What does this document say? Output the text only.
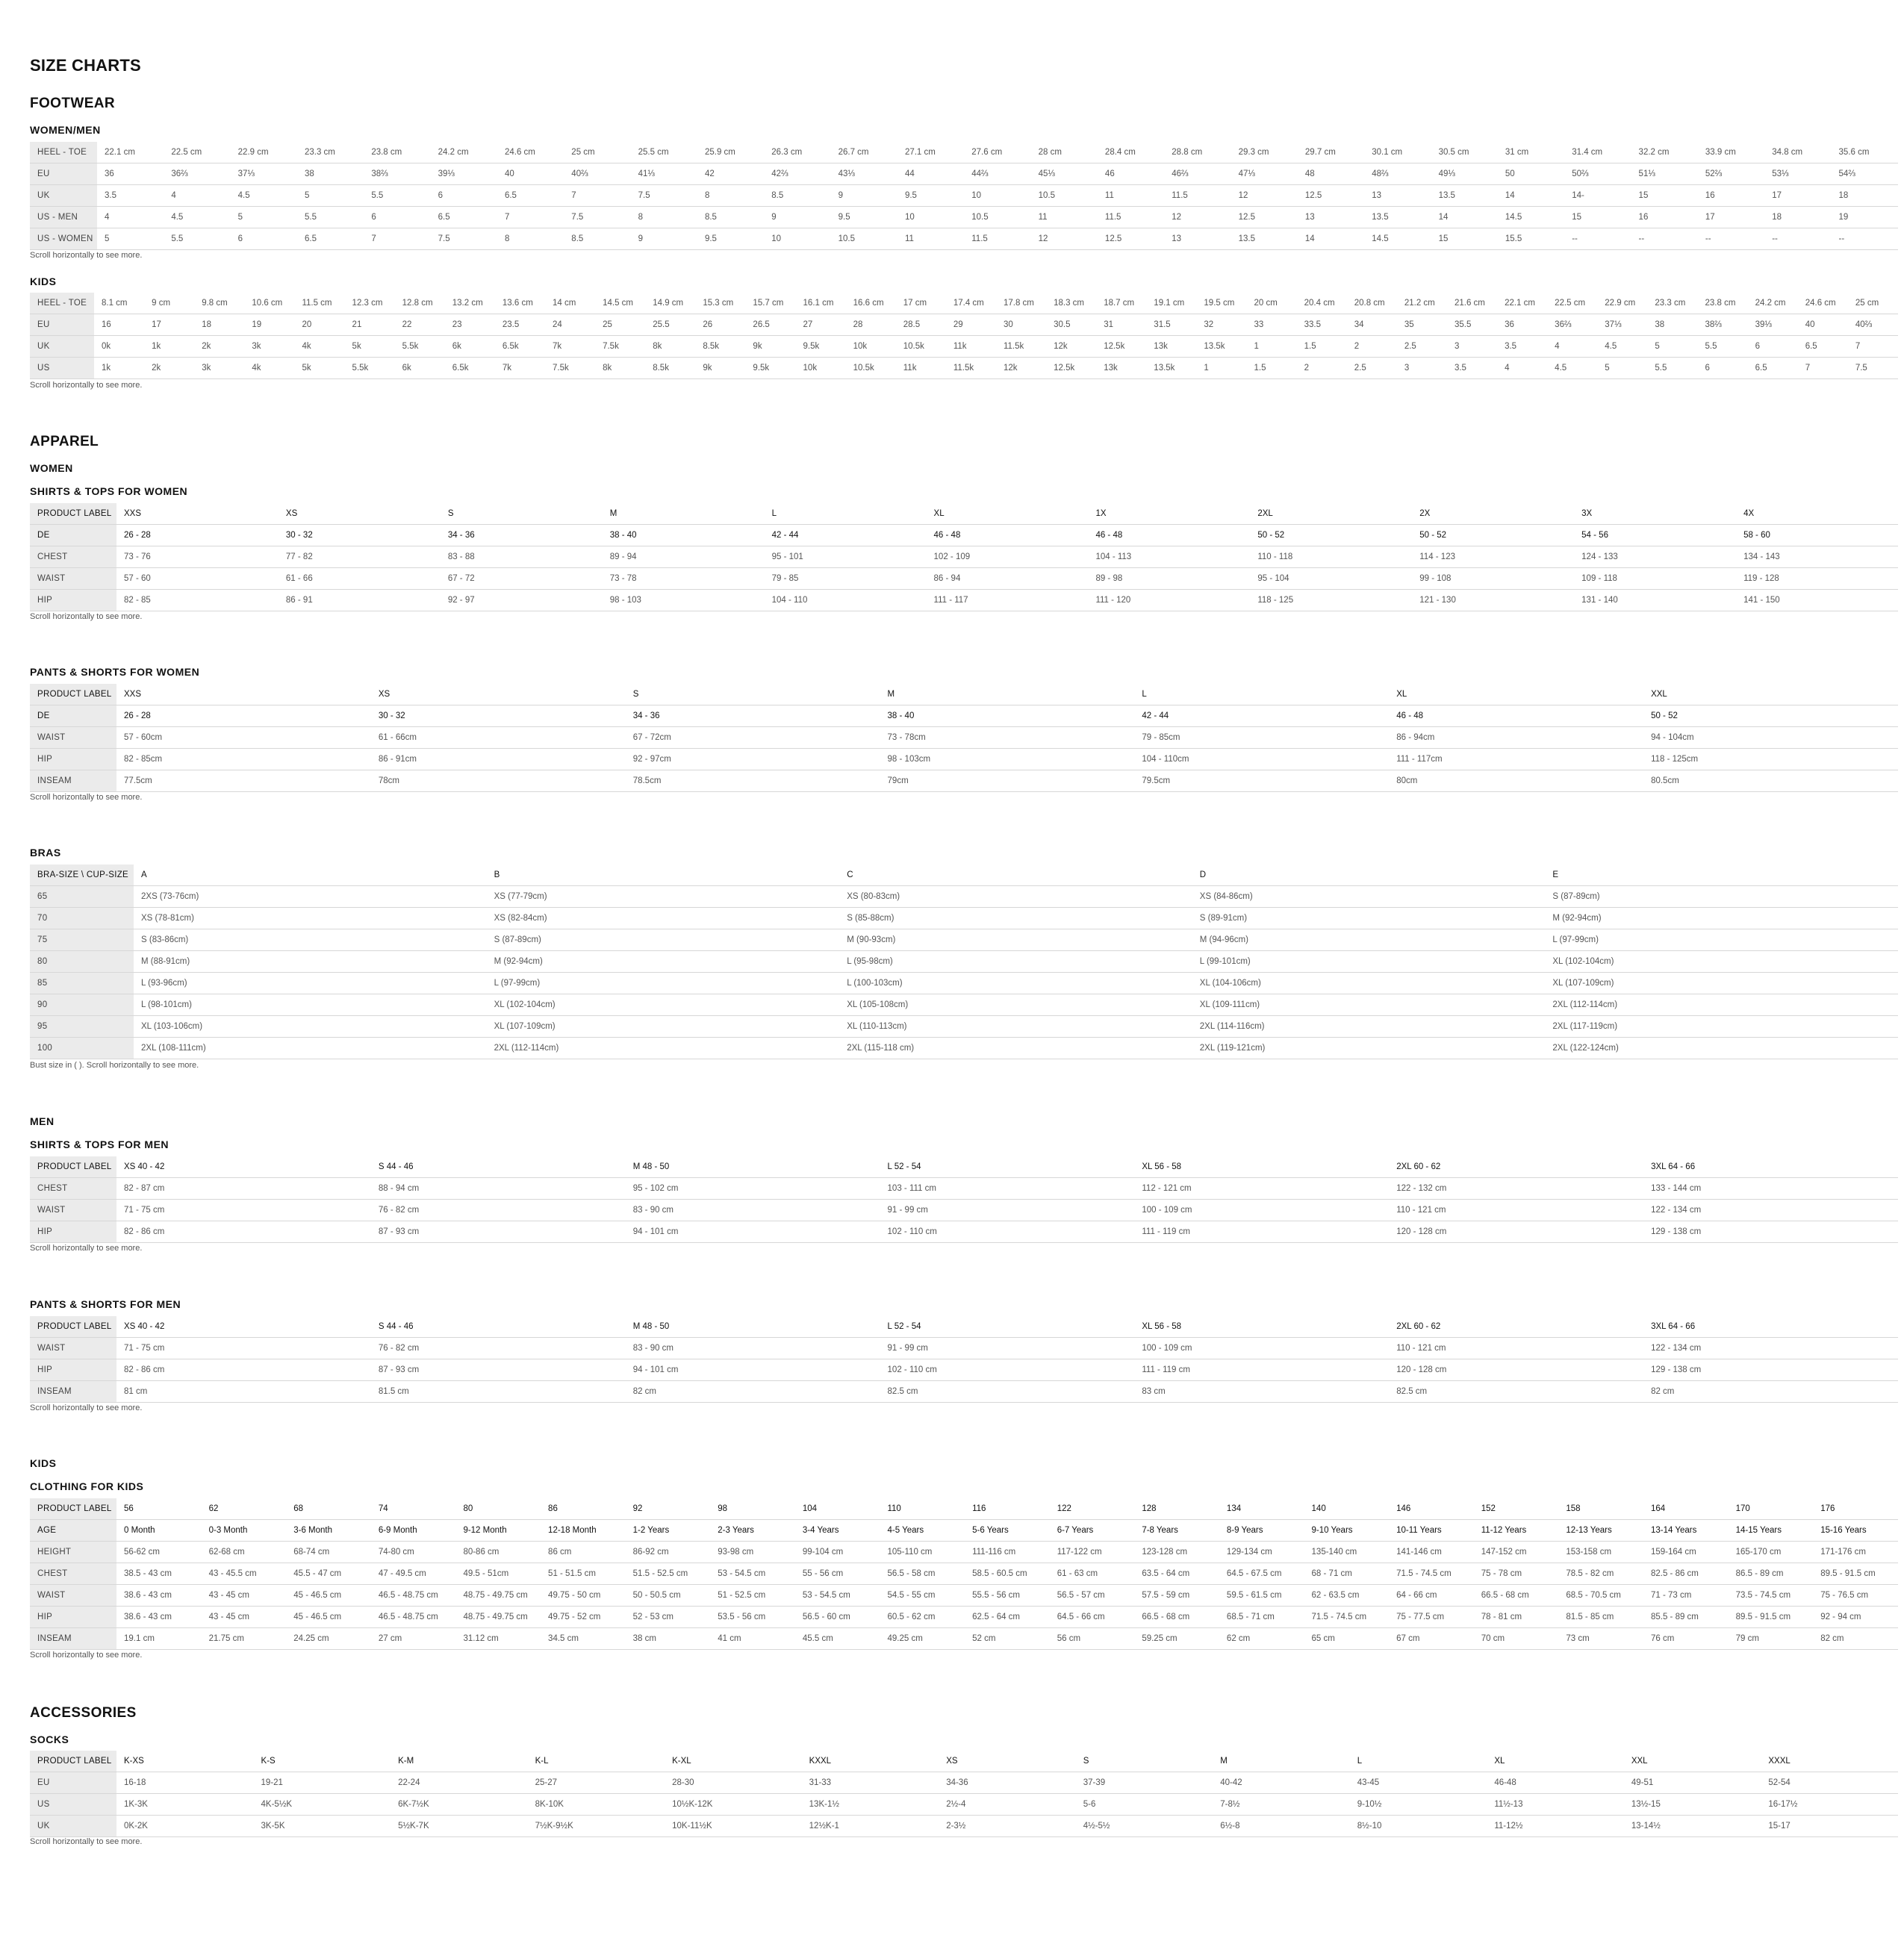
SIZE CHARTS
FOOTWEAR
WOMEN/MEN
HEEL - TOE	22.1 cm	22.5 cm	22.9 cm	23.3 cm	23.8 cm	24.2 cm	24.6 cm	25 cm	25.5 cm	25.9 cm	26.3 cm	26.7 cm	27.1 cm	27.6 cm	28 cm	28.4 cm	28.8 cm	29.3 cm	29.7 cm	30.1 cm	30.5 cm	31 cm	31.4 cm	32.2 cm	33.9 cm	34.8 cm	35.6 cm
EU	36	36⅔	37⅓	38	38⅔	39⅓	40	40⅔	41⅓	42	42⅔	43⅓	44	44⅔	45⅓	46	46⅔	47⅓	48	48⅔	49⅓	50	50⅔	51⅓	52⅔	53⅓	54⅔
UK	3.5	4	4.5	5	5.5	6	6.5	7	7.5	8	8.5	9	9.5	10	10.5	11	11.5	12	12.5	13	13.5	14	14-	15	16	17	18
US - MEN	4	4.5	5	5.5	6	6.5	7	7.5	8	8.5	9	9.5	10	10.5	11	11.5	12	12.5	13	13.5	14	14.5	15	16	17	18	19
US - WOMEN	5	5.5	6	6.5	7	7.5	8	8.5	9	9.5	10	10.5	11	11.5	12	12.5	13	13.5	14	14.5	15	15.5	--	--	--	--	--
Scroll horizontally to see more.
KIDS
HEEL - TOE	8.1 cm	9 cm	9.8 cm	10.6 cm	11.5 cm	12.3 cm	12.8 cm	13.2 cm	13.6 cm	14 cm	14.5 cm	14.9 cm	15.3 cm	15.7 cm	16.1 cm	16.6 cm	17 cm	17.4 cm	17.8 cm	18.3 cm	18.7 cm	19.1 cm	19.5 cm	20 cm	20.4 cm	20.8 cm	21.2 cm	21.6 cm	22.1 cm	22.5 cm	22.9 cm	23.3 cm	23.8 cm	24.2 cm	24.6 cm	25 cm
EU	16	17	18	19	20	21	22	23	23.5	24	25	25.5	26	26.5	27	28	28.5	29	30	30.5	31	31.5	32	33	33.5	34	35	35.5	36	36⅔	37⅓	38	38⅔	39⅓	40	40⅔
UK	0k	1k	2k	3k	4k	5k	5.5k	6k	6.5k	7k	7.5k	8k	8.5k	9k	9.5k	10k	10.5k	11k	11.5k	12k	12.5k	13k	13.5k	1	1.5	2	2.5	3	3.5	4	4.5	5	5.5	6	6.5	7
US	1k	2k	3k	4k	5k	5.5k	6k	6.5k	7k	7.5k	8k	8.5k	9k	9.5k	10k	10.5k	11k	11.5k	12k	12.5k	13k	13.5k	1	1.5	2	2.5	3	3.5	4	4.5	5	5.5	6	6.5	7	7.5
Scroll horizontally to see more.
APPAREL
WOMEN
SHIRTS & TOPS FOR WOMEN
PRODUCT LABEL	XXS	XS	S	M	L	XL	1X	2XL	2X	3X	4X
DE	26 - 28	30 - 32	34 - 36	38 - 40	42 - 44	46 - 48	46 - 48	50 - 52	50 - 52	54 - 56	58 - 60
CHEST	73 - 76	77 - 82	83 - 88	89 - 94	95 - 101	102 - 109	104 - 113	110 - 118	114 - 123	124 - 133	134 - 143
WAIST	57 - 60	61 - 66	67 - 72	73 - 78	79 - 85	86 - 94	89 - 98	95 - 104	99 - 108	109 - 118	119 - 128
HIP	82 - 85	86 - 91	92 - 97	98 - 103	104 - 110	111 - 117	111 - 120	118 - 125	121 - 130	131 - 140	141 - 150
Scroll horizontally to see more.
PANTS & SHORTS FOR WOMEN
PRODUCT LABEL	XXS	XS	S	M	L	XL	XXL
DE	26 - 28	30 - 32	34 - 36	38 - 40	42 - 44	46 - 48	50 - 52
WAIST	57 - 60cm	61 - 66cm	67 - 72cm	73 - 78cm	79 - 85cm	86 - 94cm	94 - 104cm
HIP	82 - 85cm	86 - 91cm	92 - 97cm	98 - 103cm	104 - 110cm	111 - 117cm	118 - 125cm
INSEAM	77.5cm	78cm	78.5cm	79cm	79.5cm	80cm	80.5cm
Scroll horizontally to see more.
BRAS
BRA-SIZE \ CUP-SIZE	A	B	C	D	E
65	2XS (73-76cm)	XS (77-79cm)	XS (80-83cm)	XS (84-86cm)	S (87-89cm)
70	XS (78-81cm)	XS (82-84cm)	S (85-88cm)	S (89-91cm)	M (92-94cm)
75	S (83-86cm)	S (87-89cm)	M (90-93cm)	M (94-96cm)	L (97-99cm)
80	M (88-91cm)	M (92-94cm)	L (95-98cm)	L (99-101cm)	XL (102-104cm)
85	L (93-96cm)	L (97-99cm)	L (100-103cm)	XL (104-106cm)	XL (107-109cm)
90	L (98-101cm)	XL (102-104cm)	XL (105-108cm)	XL (109-111cm)	2XL (112-114cm)
95	XL (103-106cm)	XL (107-109cm)	XL (110-113cm)	2XL (114-116cm)	2XL (117-119cm)
100	2XL (108-111cm)	2XL (112-114cm)	2XL (115-118 cm)	2XL (119-121cm)	2XL (122-124cm)
Bust size in ( ). Scroll horizontally to see more.
MEN
SHIRTS & TOPS FOR MEN
PRODUCT LABEL	XS 40 - 42	S 44 - 46	M 48 - 50	L 52 - 54	XL 56 - 58	2XL 60 - 62	3XL 64 - 66
CHEST	82 - 87 cm	88 - 94 cm	95 - 102 cm	103 - 111 cm	112 - 121 cm	122 - 132 cm	133 - 144 cm
WAIST	71 - 75 cm	76 - 82 cm	83 - 90 cm	91 - 99 cm	100 - 109 cm	110 - 121 cm	122 - 134 cm
HIP	82 - 86 cm	87 - 93 cm	94 - 101 cm	102 - 110 cm	111 - 119 cm	120 - 128 cm	129 - 138 cm
Scroll horizontally to see more.
PANTS & SHORTS FOR MEN
PRODUCT LABEL	XS 40 - 42	S 44 - 46	M 48 - 50	L 52 - 54	XL 56 - 58	2XL 60 - 62	3XL 64 - 66
WAIST	71 - 75 cm	76 - 82 cm	83 - 90 cm	91 - 99 cm	100 - 109 cm	110 - 121 cm	122 - 134 cm
HIP	82 - 86 cm	87 - 93 cm	94 - 101 cm	102 - 110 cm	111 - 119 cm	120 - 128 cm	129 - 138 cm
INSEAM	81 cm	81.5 cm	82 cm	82.5 cm	83 cm	82.5 cm	82 cm
Scroll horizontally to see more.
KIDS
CLOTHING FOR KIDS
PRODUCT LABEL	56	62	68	74	80	86	92	98	104	110	116	122	128	134	140	146	152	158	164	170	176
AGE	0 Month	0-3 Month	3-6 Month	6-9 Month	9-12 Month	12-18 Month	1-2 Years	2-3 Years	3-4 Years	4-5 Years	5-6 Years	6-7 Years	7-8 Years	8-9 Years	9-10 Years	10-11 Years	11-12 Years	12-13 Years	13-14 Years	14-15 Years	15-16 Years
HEIGHT	56-62 cm	62-68 cm	68-74 cm	74-80 cm	80-86 cm	86 cm	86-92 cm	93-98 cm	99-104 cm	105-110 cm	111-116 cm	117-122 cm	123-128 cm	129-134 cm	135-140 cm	141-146 cm	147-152 cm	153-158 cm	159-164 cm	165-170 cm	171-176 cm
CHEST	38.5 - 43 cm	43 - 45.5 cm	45.5 - 47 cm	47 - 49.5 cm	49.5 - 51cm	51 - 51.5 cm	51.5 - 52.5 cm	53 - 54.5 cm	55 - 56 cm	56.5 - 58 cm	58.5 - 60.5 cm	61 - 63 cm	63.5 - 64 cm	64.5 - 67.5 cm	68 - 71 cm	71.5 - 74.5 cm	75 - 78 cm	78.5 - 82 cm	82.5 - 86 cm	86.5 - 89 cm	89.5 - 91.5 cm
WAIST	38.6 - 43 cm	43 - 45 cm	45 - 46.5 cm	46.5 - 48.75 cm	48.75 - 49.75 cm	49.75 - 50 cm	50 - 50.5 cm	51 - 52.5 cm	53 - 54.5 cm	54.5 - 55 cm	55.5 - 56 cm	56.5 - 57 cm	57.5 - 59 cm	59.5 - 61.5 cm	62 - 63.5 cm	64 - 66 cm	66.5 - 68 cm	68.5 - 70.5 cm	71 - 73 cm	73.5 - 74.5 cm	75 - 76.5 cm
HIP	38.6 - 43 cm	43 - 45 cm	45 - 46.5 cm	46.5 - 48.75 cm	48.75 - 49.75 cm	49.75 - 52 cm	52 - 53 cm	53.5 - 56 cm	56.5 - 60 cm	60.5 - 62 cm	62.5 - 64 cm	64.5 - 66 cm	66.5 - 68 cm	68.5 - 71 cm	71.5 - 74.5 cm	75 - 77.5 cm	78 - 81 cm	81.5 - 85 cm	85.5 - 89 cm	89.5 - 91.5 cm	92 - 94 cm
INSEAM	19.1 cm	21.75 cm	24.25 cm	27 cm	31.12 cm	34.5 cm	38 cm	41 cm	45.5 cm	49.25 cm	52 cm	56 cm	59.25 cm	62 cm	65 cm	67 cm	70 cm	73 cm	76 cm	79 cm	82 cm
Scroll horizontally to see more.
ACCESSORIES
SOCKS
PRODUCT LABEL	K-XS	K-S	K-M	K-L	K-XL	KXXL	XS	S	M	L	XL	XXL	XXXL
EU	16-18	19-21	22-24	25-27	28-30	31-33	34-36	37-39	40-42	43-45	46-48	49-51	52-54
US	1K-3K	4K-5½K	6K-7½K	8K-10K	10½K-12K	13K-1½	2½-4	5-6	7-8½	9-10½	11½-13	13½-15	16-17½
UK	0K-2K	3K-5K	5½K-7K	7½K-9½K	10K-11½K	12½K-1	2-3½	4½-5½	6½-8	8½-10	11-12½	13-14½	15-17
Scroll horizontally to see more.
